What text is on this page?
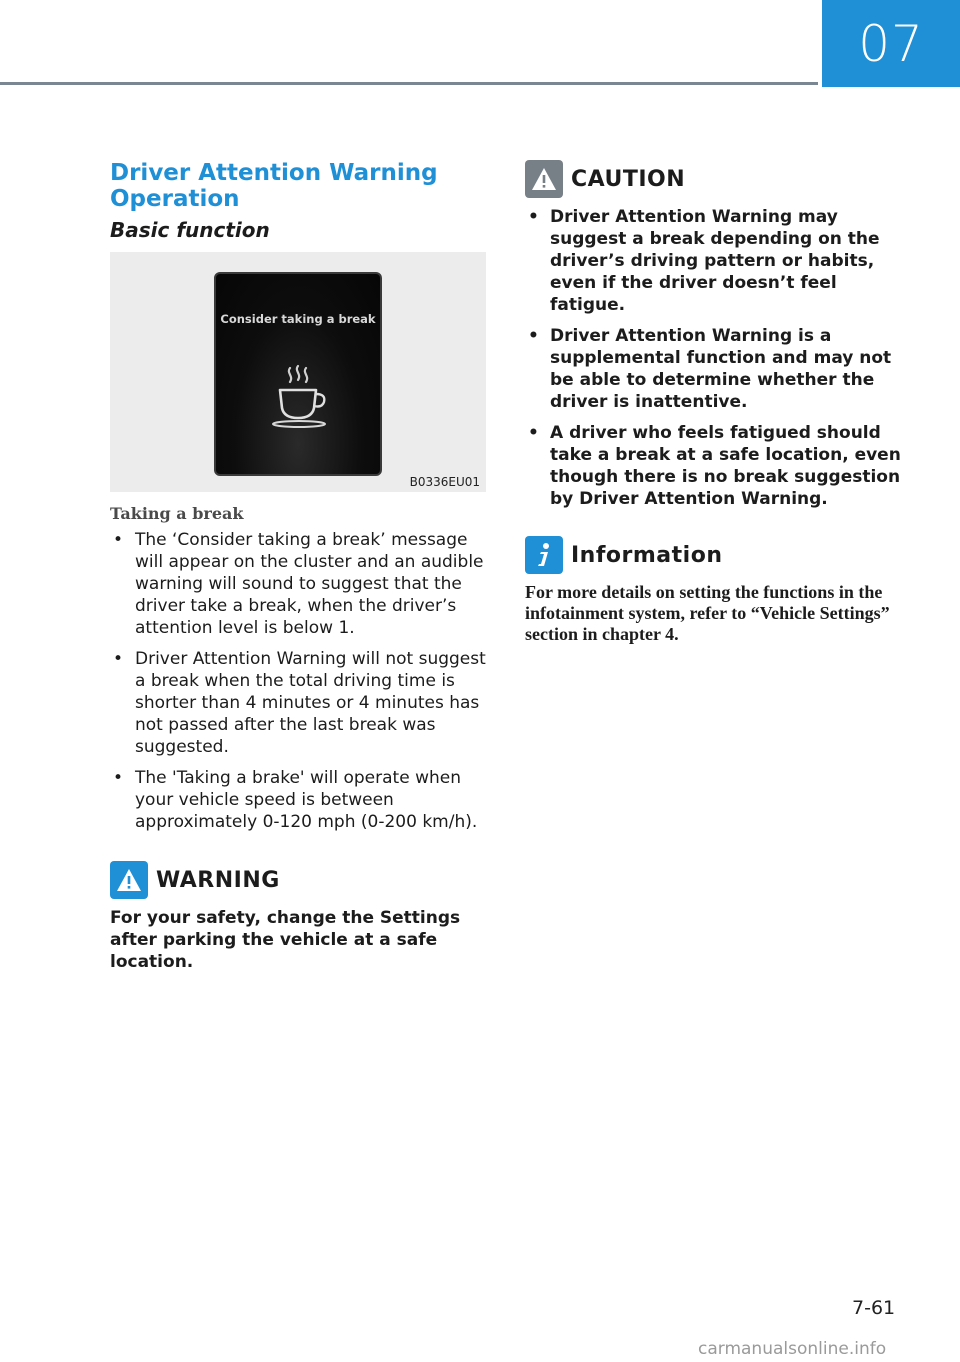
07
Driver Attention Warning Operation
Basic function
Consider taking a break
B0336EU01
Taking a break
• The ‘Consider taking a break’ message will appear on the cluster and an audible warning will sound to suggest that the driver take a break, when the driver’s attention level is below 1.
• Driver Attention Warning will not suggest a break when the total driving time is shorter than 4 minutes or 4 minutes has not passed after the last break was suggested.
• The 'Taking a brake' will operate when your vehicle speed is between approximately 0-120 mph (0-200 km/h).
WARNING

For your safety, change the Settings after parking the vehicle at a safe location.

CAUTION
• Driver Attention Warning may suggest a break depending on the driver’s driving pattern or habits, even if the driver doesn’t feel fatigue.
• Driver Attention Warning is a supplemental function and may not be able to determine whether the driver is inattentive.
• A driver who feels fatigued should take a break at a safe location, even though there is no break suggestion by Driver Attention Warning.
Information

For more details on setting the functions in the infotainment system, refer to “Vehicle Settings” section in chapter 4.

7-61
carmanualsonline.info
